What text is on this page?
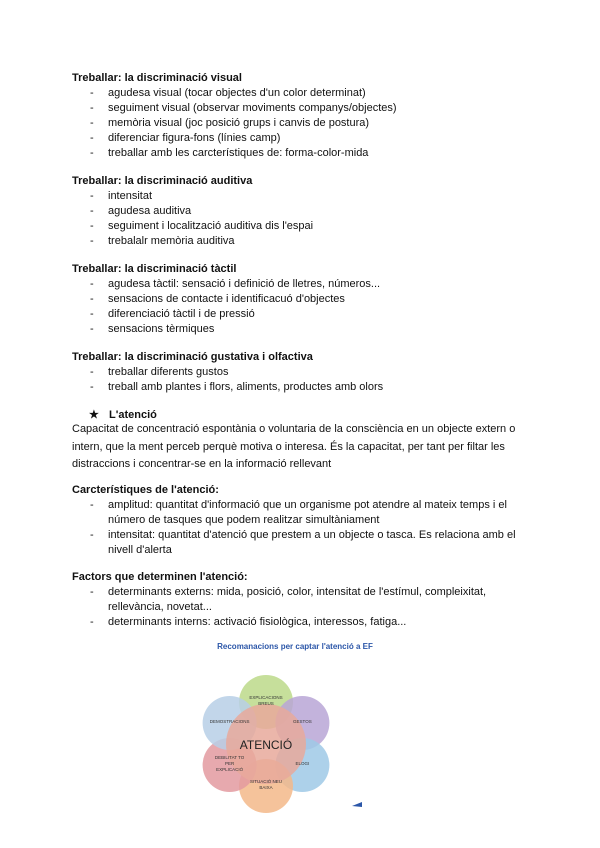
Treballar: la discriminació visual
- agudesa visual (tocar objectes d'un color determinat)
- seguiment visual (observar moviments companys/objectes)
- memòria visual (joc posició grups i canvis de postura)
- diferenciar figura-fons (línies camp)
- treballar amb les carcterístiques de: forma-color-mida
Treballar: la discriminació auditiva
- intensitat
- agudesa auditiva
- seguiment i localització auditiva dis l'espai
- trebalalr memòria auditiva
Treballar: la discriminació tàctil
- agudesa tàctil: sensació i definició de lletres, números...
- sensacions de contacte i identificacuó d'objectes
- diferenciació tàctil i de pressió
- sensacions tèrmiques
Treballar: la discriminació gustativa i olfactiva
- treballar diferents gustos
- treball amb plantes i flors, aliments, productes amb olors
★ L'atenció

Capacitat de concentració espontània o voluntaria de la consciència en un objecte extern o intern, que la ment perceb perquè motiva o interesa. És la capacitat, per tant per filtar les distraccions i concentrar-se en la informació rellevant

Carcterístiques de l'atenció:
- amplitud: quantitat d'informació que un organisme pot atendre al mateix temps i el número de tasques que podem realitzar simultàniament
- intensitat: quantitat d'atenció que prestem a un objecte o tasca. Es relaciona amb el nivell d'alerta
Factors que determinen l'atenció:
- determinants externs: mida, posició, color, intensitat de l'estímul, compleixitat, rellevància, novetat...
- determinants interns: activació fisiològica, interessos, fatiga...
Recomanacions per captar l'atenció a EF
ATENCIÓ
EXPLICACIONS BREUS
GESTOS
ELOGI
SITUACIÓ NEU BAIXA
DEBILITAT TO PER EXPLICACIÓ
DEMOSTRACIONS
